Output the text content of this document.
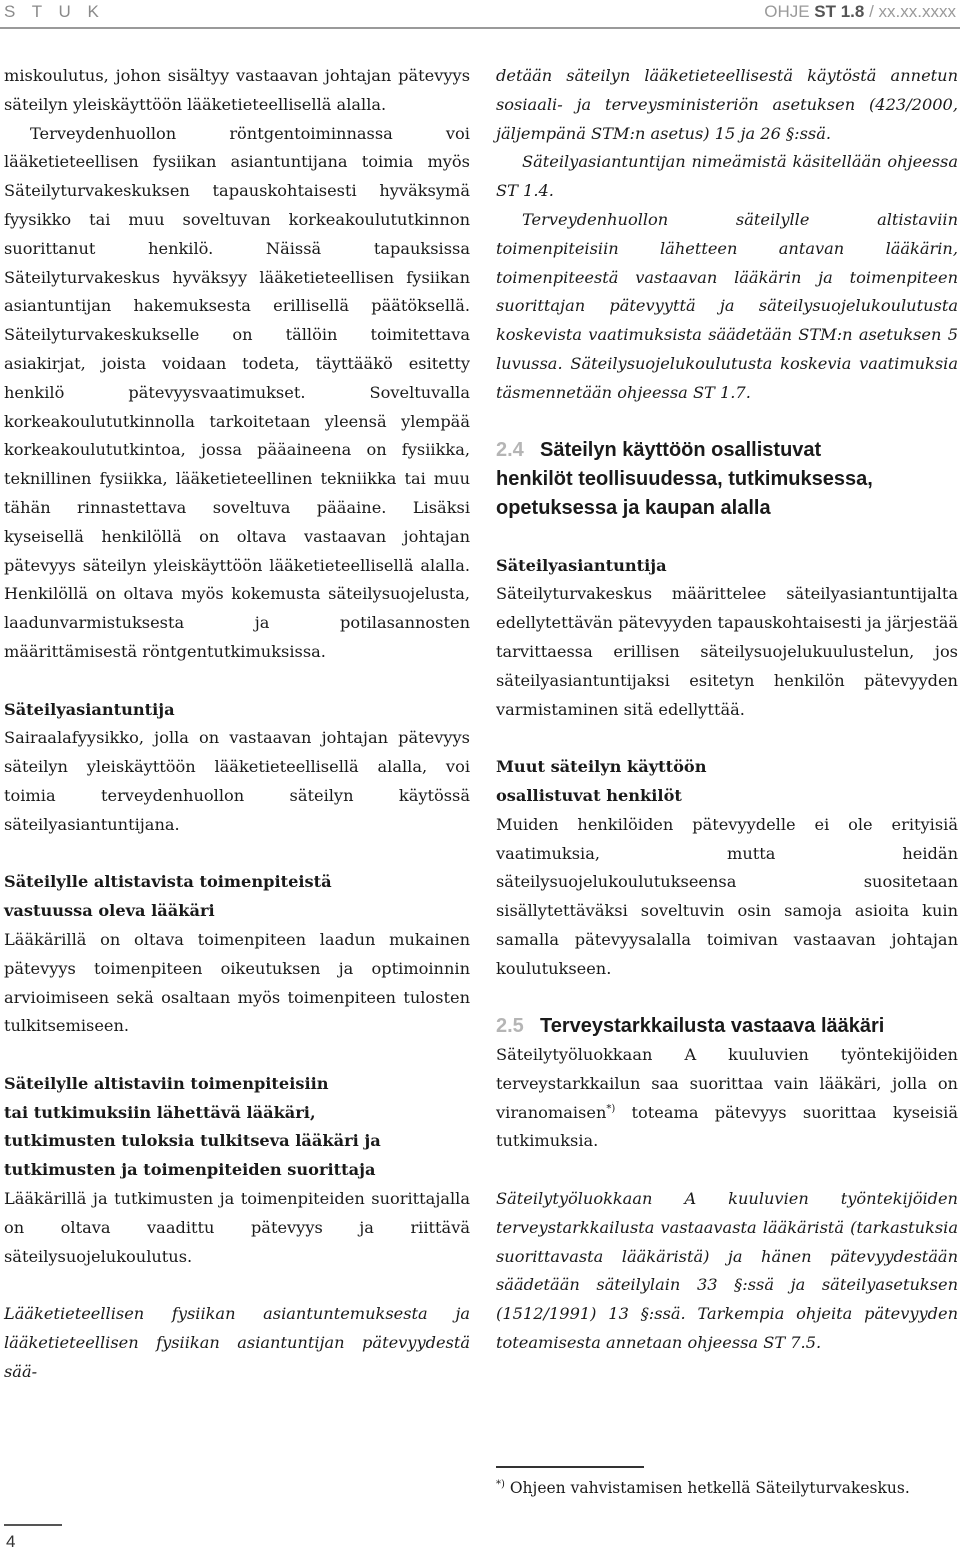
S T U K	OHJE ST 1.8 / xx.xx.xxxx

miskoulutus, johon sisältyy vastaavan johtajan pätevyys säteilyn yleiskäyttöön lääketieteellisellä alalla.

Terveydenhuollon röntgentoiminnassa voi lääketieteellisen fysiikan asiantuntijana toimia myös Säteilyturvakeskuksen tapauskohtaisesti hyväksymä fyysikko tai muu soveltuvan korkeakoulututkinnon suorittanut henkilö. Näissä tapauksissa Säteilyturvakeskus hyväksyy lääketieteellisen fysiikan asiantuntijan hakemuksesta erillisellä päätöksellä. Säteilyturvakeskukselle on tällöin toimitettava asiakirjat, joista voidaan todeta, täyttääkö esitetty henkilö pätevyysvaatimukset. Soveltuvalla korkeakoulututkinnolla tarkoitetaan yleensä ylempää korkeakoulututkintoa, jossa pääaineena on fysiikka, teknillinen fysiikka, lääketieteellinen tekniikka tai muu tähän rinnastettava soveltuva pääaine. Lisäksi kyseisellä henkilöllä on oltava vastaavan johtajan pätevyys säteilyn yleiskäyttöön lääketieteellisellä alalla. Henkilöllä on oltava myös kokemusta säteilysuojelusta, laadunvarmistuksesta ja potilasannosten määrittämisestä röntgentutkimuksissa.

Säteilyasiantuntija

Sairaalafyysikko, jolla on vastaavan johtajan pätevyys säteilyn yleiskäyttöön lääketieteellisellä alalla, voi toimia terveydenhuollon säteilyn käytössä säteilyasiantuntijana.

Säteilylle altistavista toimenpiteistä

vastuussa oleva lääkäri

Lääkärillä on oltava toimenpiteen laadun mukainen pätevyys toimenpiteen oikeutuksen ja optimoinnin arvioimiseen sekä osaltaan myös toimenpiteen tulosten tulkitsemiseen.

Säteilylle altistaviin toimenpiteisiin

tai tutkimuksiin lähettävä lääkäri,

tutkimusten tuloksia tulkitseva lääkäri ja

tutkimusten ja toimenpiteiden suorittaja

Lääkärillä ja tutkimusten ja toimenpiteiden suorittajalla on oltava vaadittu pätevyys ja riittävä säteilysuojelukoulutus.

Lääketieteellisen fysiikan asiantuntemuksesta ja lääketieteellisen fysiikan asiantuntijan pätevyydestä sää-

detään säteilyn lääketieteellisestä käytöstä annetun sosiaali- ja terveysministeriön asetuksen (423/2000, jäljempänä STM:n asetus) 15 ja 26 §:ssä.

Säteilyasiantuntijan nimeämistä käsitellään ohjeessa ST 1.4.

Terveydenhuollon säteilylle altistaviin toimenpiteisiin lähetteen antavan lääkärin, toimenpiteestä vastaavan lääkärin ja toimenpiteen suorittajan pätevyyttä ja säteilysuojelukoulutusta koskevista vaatimuksista säädetään STM:n asetuksen 5 luvussa. Säteilysuojelukoulutusta koskevia vaatimuksia täsmennetään ohjeessa ST 1.7.

2.4 Säteilyn käyttöön osallistuvat
henkilöt teollisuudessa, tutkimuksessa,
opetuksessa ja kaupan alalla

Säteilyasiantuntija

Säteilyturvakeskus määrittelee säteilyasiantuntijalta edellytettävän pätevyyden tapauskohtaisesti ja järjestää tarvittaessa erillisen säteilysuojelukuulustelun, jos säteilyasiantuntijaksi esitetyn henkilön pätevyyden varmistaminen sitä edellyttää.

Muut säteilyn käyttöön

osallistuvat henkilöt

Muiden henkilöiden pätevyydelle ei ole erityisiä vaatimuksia, mutta heidän säteilysuojelukoulutukseensa suositetaan sisällytettäväksi soveltuvin osin samoja asioita kuin samalla pätevyysalalla toimivan vastaavan johtajan koulutukseen.

2.5 Terveystarkkailusta vastaava lääkäri

Säteilytyöluokkaan A kuuluvien työntekijöiden terveystarkkailun saa suorittaa vain lääkäri, jolla on viranomaisen*) toteama pätevyys suorittaa kyseisiä tutkimuksia.

Säteilytyöluokkaan A kuuluvien työntekijöiden terveystarkkailusta vastaavasta lääkäristä (tarkastuksia suorittavasta lääkäristä) ja hänen pätevyydestään säädetään säteilylain 33 §:ssä ja säteilyasetuksen (1512/1991) 13 §:ssä. Tarkempia ohjeita pätevyyden toteamisesta annetaan ohjeessa ST 7.5.

*) Ohjeen vahvistamisen hetkellä Säteilyturvakeskus.
4
